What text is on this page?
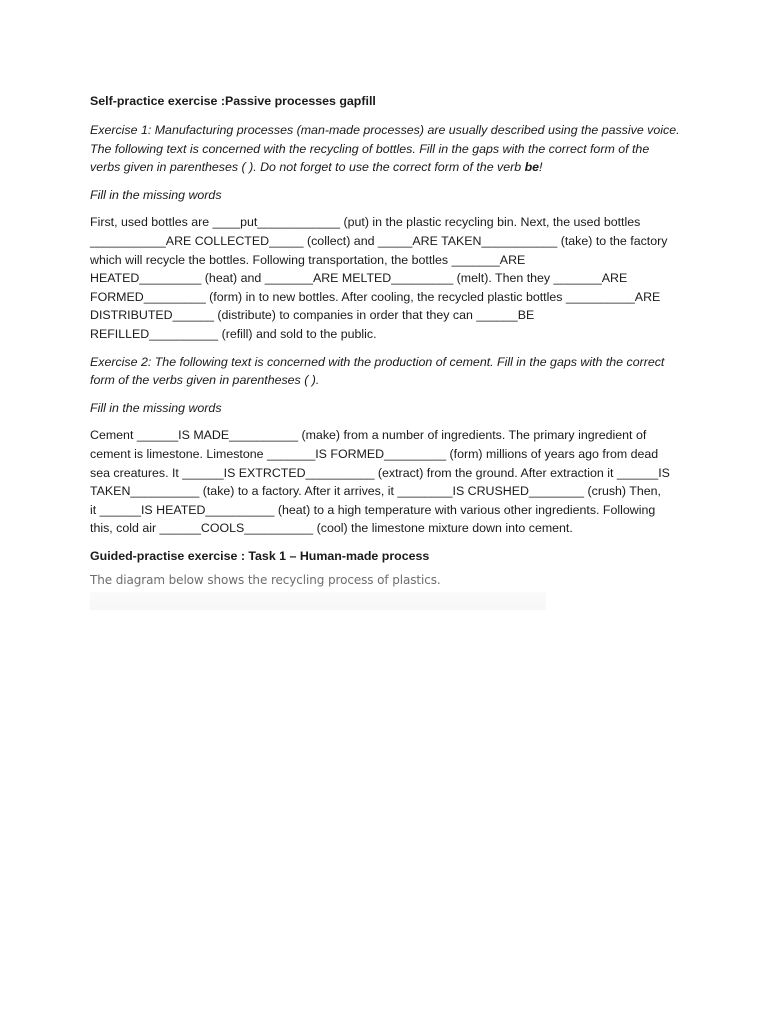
Self-practice exercise :Passive processes gapfill
Exercise 1: Manufacturing processes (man-made processes) are usually described using the passive voice.
The following text is concerned with the recycling of bottles. Fill in the gaps with the correct form of the
verbs given in parentheses ( ). Do not forget to use the correct form of the verb be!
Fill in the missing words
First, used bottles are ____put____________ (put) in the plastic recycling bin. Next, the used bottles
___________ARE COLLECTED_____ (collect) and _____ARE TAKEN___________ (take) to the factory
which will recycle the bottles. Following transportation, the bottles _______ARE
HEATED_________ (heat) and _______ARE MELTED_________ (melt). Then they _______ARE
FORMED_________ (form) in to new bottles. After cooling, the recycled plastic bottles __________ARE
DISTRIBUTED______ (distribute) to companies in order that they can ______BE
REFILLED__________ (refill) and sold to the public.
Exercise 2: The following text is concerned with the production of cement. Fill in the gaps with the correct
form of the verbs given in parentheses ( ).
Fill in the missing words
Cement ______IS MADE__________ (make) from a number of ingredients. The primary ingredient of
cement is limestone. Limestone _______IS FORMED_________ (form) millions of years ago from dead
sea creatures. It ______IS EXTRCTED__________ (extract) from the ground. After extraction it ______IS
TAKEN__________ (take) to a factory. After it arrives, it ________IS CRUSHED________ (crush) Then,
it ______IS HEATED__________ (heat) to a high temperature with various other ingredients. Following
this, cold air ______COOLS__________ (cool) the limestone mixture down into cement.
Guided-practise exercise : Task 1 – Human-made process
The diagram below shows the recycling process of plastics.
